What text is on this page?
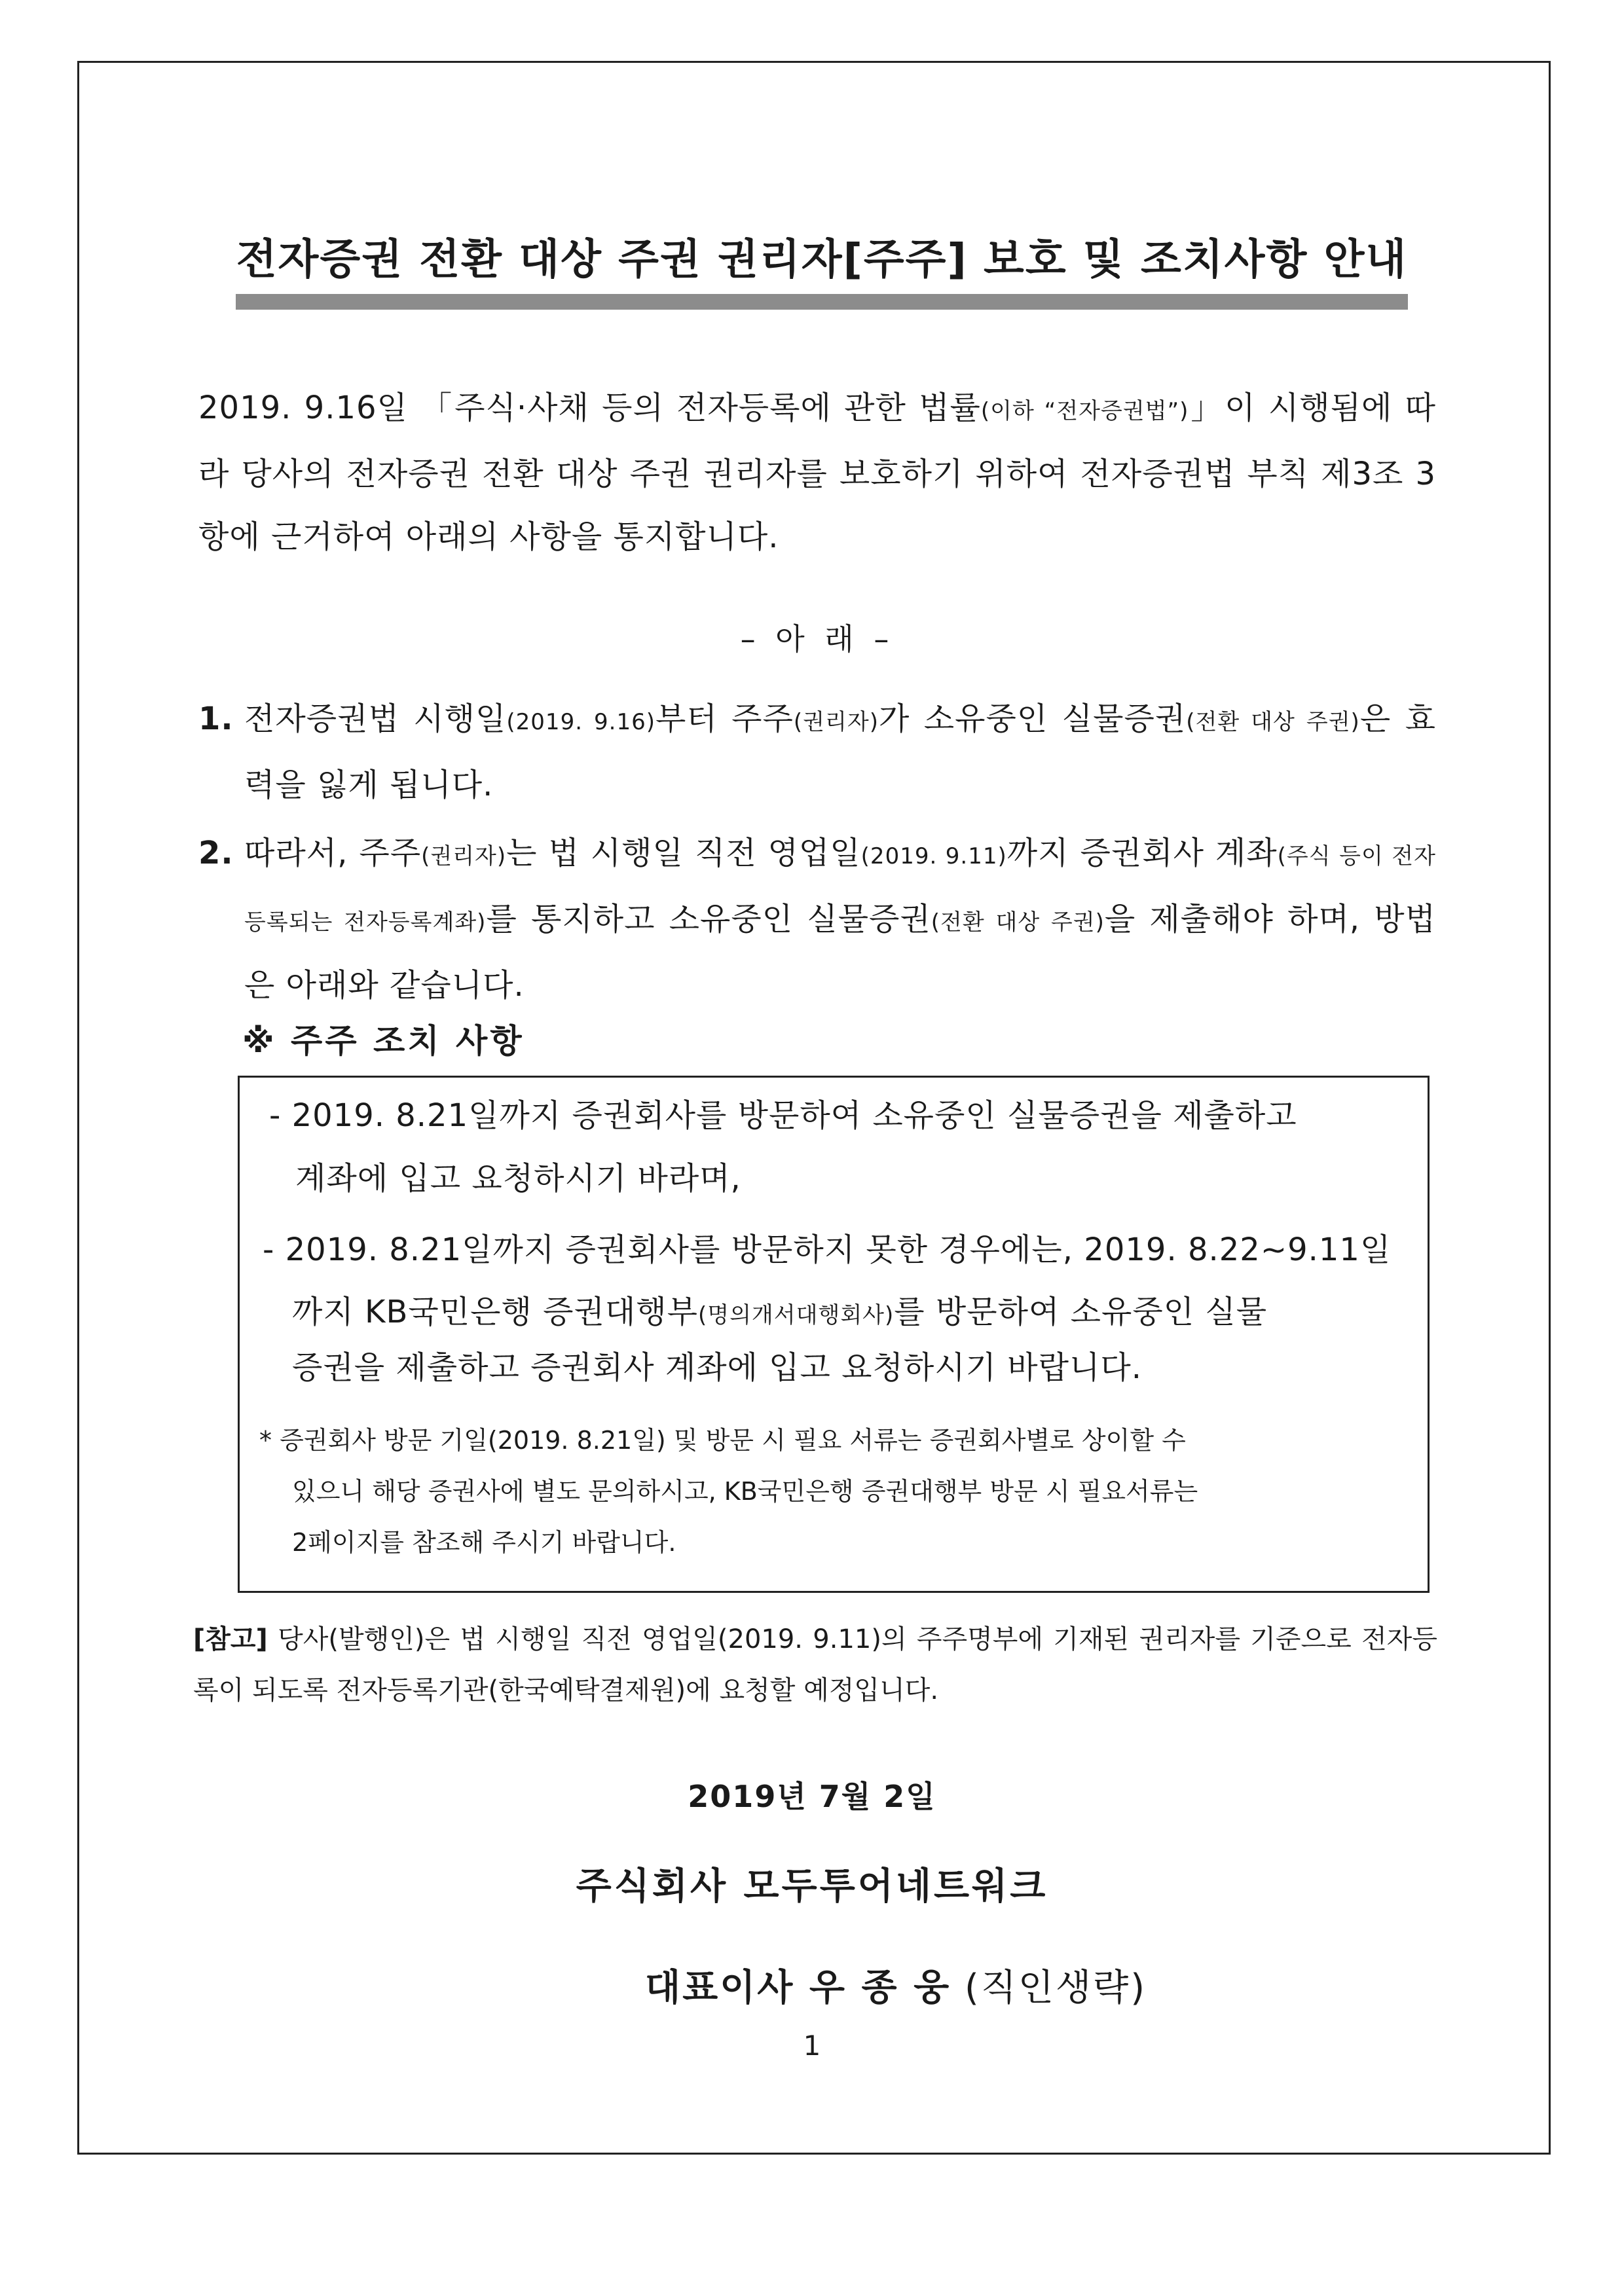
전자증권 전환 대상 주권 권리자[주주] 보호 및 조치사항 안내

2019. 9.16일 「주식·사채 등의 전자등록에 관한 법률(이하 “전자증권법”)」이 시행됨에 따라 당사의 전자증권 전환 대상 주권 권리자를 보호하기 위하여 전자증권법 부칙 제3조 3항에 근거하여 아래의 사항을 통지합니다.

– 아 래 –

1. 전자증권법 시행일(2019. 9.16)부터 주주(권리자)가 소유중인 실물증권(전환 대상 주권)은 효력을 잃게 됩니다.
2. 따라서, 주주(권리자)는 법 시행일 직전 영업일(2019. 9.11)까지 증권회사 계좌(주식 등이 전자등록되는 전자등록계좌)를 통지하고 소유중인 실물증권(전환 대상 주권)을 제출해야 하며, 방법은 아래와 같습니다.

※ 주주 조치 사항

- 2019. 8.21일까지 증권회사를 방문하여 소유중인 실물증권을 제출하고
계좌에 입고 요청하시기 바라며,
- 2019. 8.21일까지 증권회사를 방문하지 못한 경우에는, 2019. 8.22~9.11일
까지 KB국민은행 증권대행부(명의개서대행회사)를 방문하여 소유중인 실물
증권을 제출하고 증권회사 계좌에 입고 요청하시기 바랍니다.
* 증권회사 방문 기일(2019. 8.21일) 및 방문 시 필요 서류는 증권회사별로 상이할 수
있으니 해당 증권사에 별도 문의하시고, KB국민은행 증권대행부 방문 시 필요서류는
2페이지를 참조해 주시기 바랍니다.

[참고] 당사(발행인)은 법 시행일 직전 영업일(2019. 9.11)의 주주명부에 기재된 권리자를 기준으로 전자등록이 되도록 전자등록기관(한국예탁결제원)에 요청할 예정입니다.

2019년 7월 2일

주식회사 모두투어네트워크

대표이사 우 종 웅 (직인생략)

1
